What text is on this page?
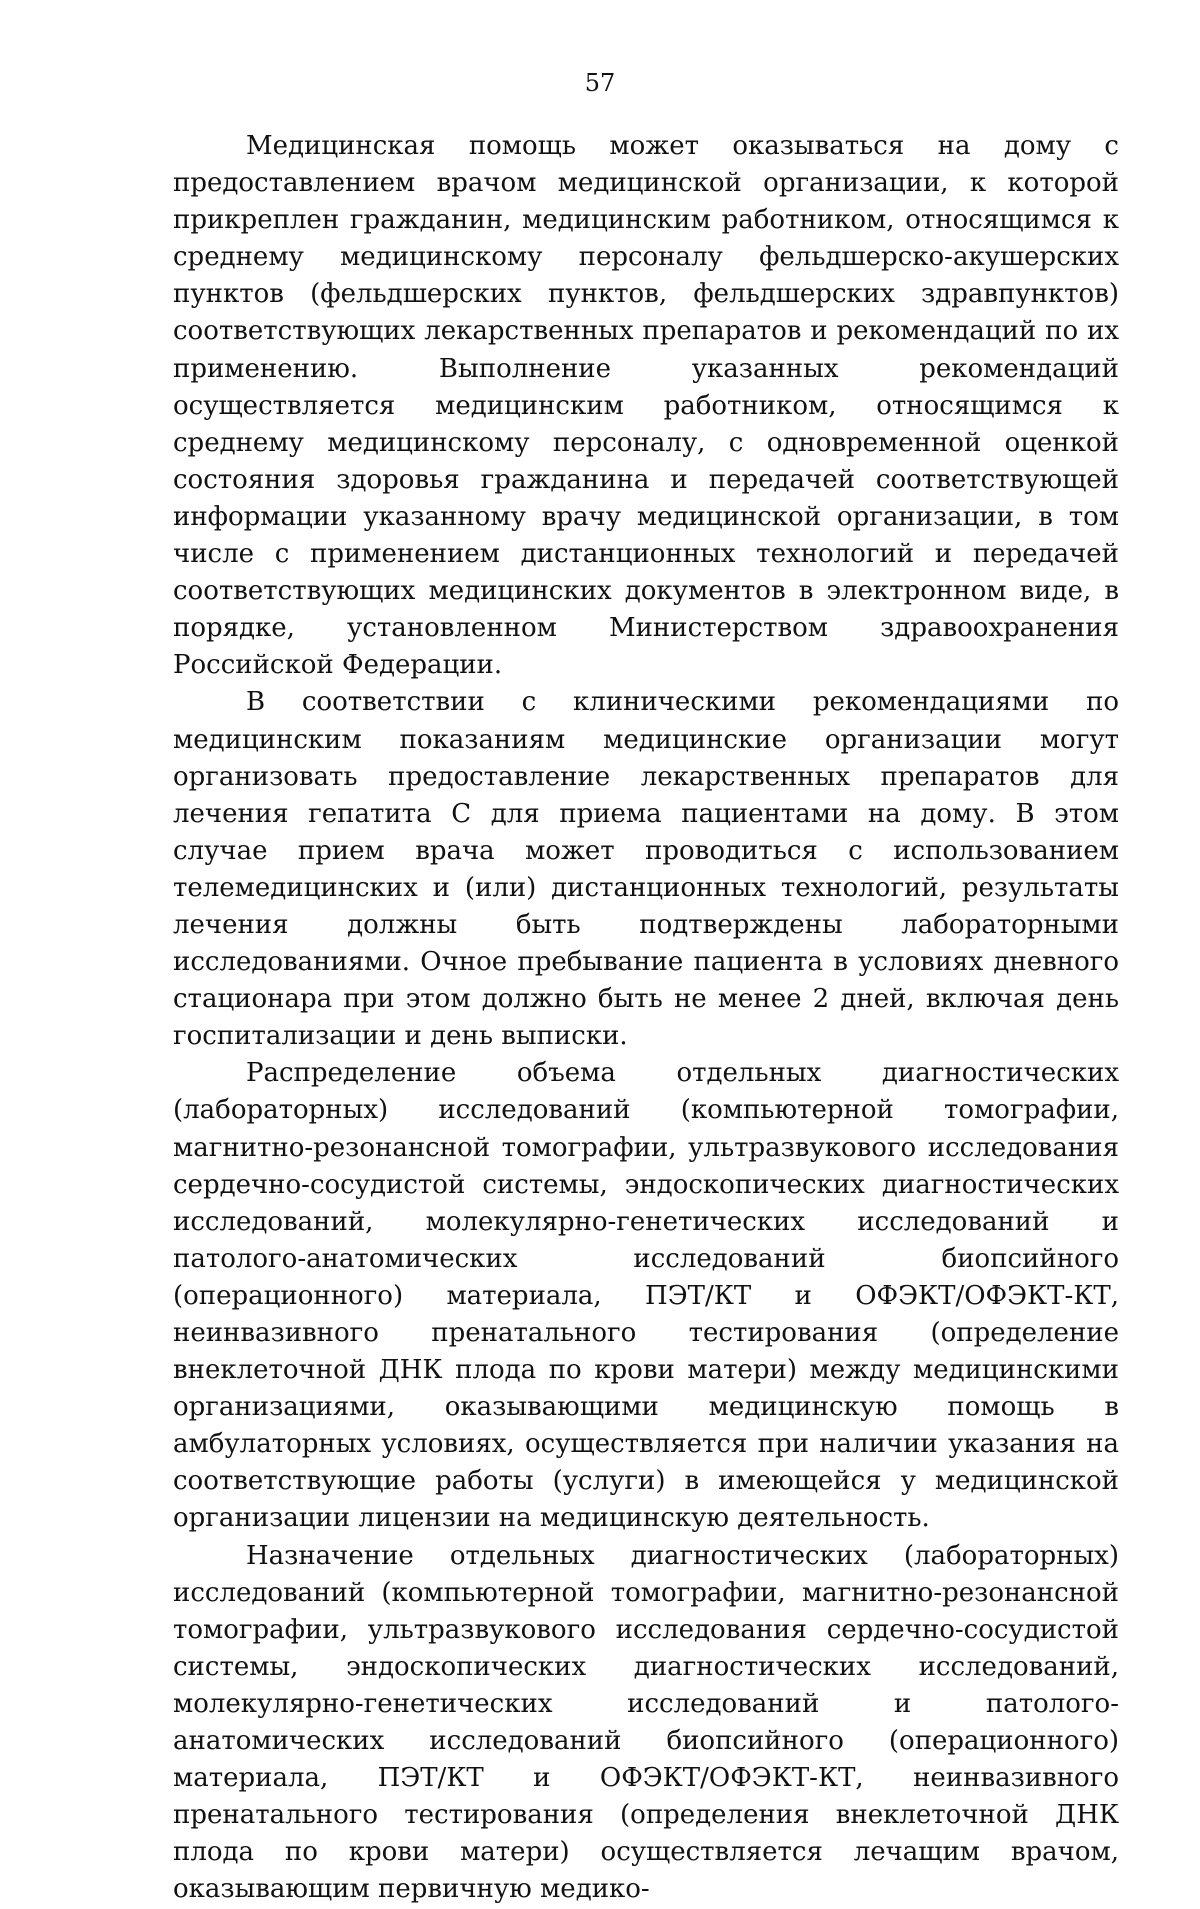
57

Медицинская помощь может оказываться на дому с предоставлением врачом медицинской организации, к которой прикреплен гражданин, медицинским работником, относящимся к среднему медицинскому персоналу фельдшерско-акушерских пунктов (фельдшерских пунктов, фельдшерских здравпунктов) соответствующих лекарственных препаратов и рекомендаций по их применению. Выполнение указанных рекомендаций осуществляется медицинским работником, относящимся к среднему медицинскому персоналу, с одновременной оценкой состояния здоровья гражданина и передачей соответствующей информации указанному врачу медицинской организации, в том числе с применением дистанционных технологий и передачей соответствующих медицинских документов в электронном виде, в порядке, установленном Министерством здравоохранения Российской Федерации.

В соответствии с клиническими рекомендациями по медицинским показаниям медицинские организации могут организовать предоставление лекарственных препаратов для лечения гепатита С для приема пациентами на дому. В этом случае прием врача может проводиться с использованием телемедицинских и (или) дистанционных технологий, результаты лечения должны быть подтверждены лабораторными исследованиями. Очное пребывание пациента в условиях дневного стационара при этом должно быть не менее 2 дней, включая день госпитализации и день выписки.

Распределение объема отдельных диагностических (лабораторных) исследований (компьютерной томографии, магнитно-резонансной томографии, ультразвукового исследования сердечно-сосудистой системы, эндоскопических диагностических исследований, молекулярно-генетических исследований и патолого-анатомических исследований биопсийного (операционного) материала, ПЭТ/КТ и ОФЭКТ/ОФЭКТ-КТ, неинвазивного пренатального тестирования (определение внеклеточной ДНК плода по крови матери) между медицинскими организациями, оказывающими медицинскую помощь в амбулаторных условиях, осуществляется при наличии указания на соответствующие работы (услуги) в имеющейся у медицинской организации лицензии на медицинскую деятельность.

Назначение отдельных диагностических (лабораторных) исследований (компьютерной томографии, магнитно-резонансной томографии, ультразвукового исследования сердечно-сосудистой системы, эндоскопических диагностических исследований, молекулярно-генетических исследований и патолого-анатомических исследований биопсийного (операционного) материала, ПЭТ/КТ и ОФЭКТ/ОФЭКТ-КТ, неинвазивного пренатального тестирования (определения внеклеточной ДНК плода по крови матери) осуществляется лечащим врачом, оказывающим первичную медико-
